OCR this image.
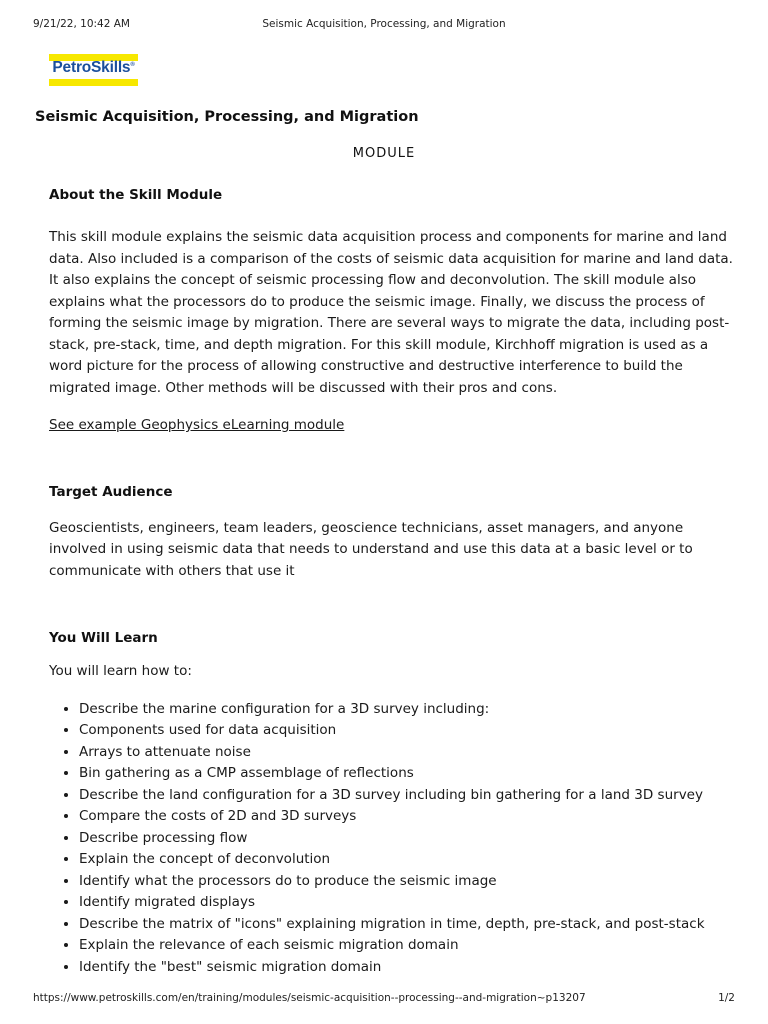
9/21/22, 10:42 AM	Seismic Acquisition, Processing, and Migration
PetroSkills®
Seismic Acquisition, Processing, and Migration
MODULE
About the Skill Module

This skill module explains the seismic data acquisition process and components for marine and land data. Also included is a comparison of the costs of seismic data acquisition for marine and land data. It also explains the concept of seismic processing flow and deconvolution. The skill module also explains what the processors do to produce the seismic image. Finally, we discuss the process of forming the seismic image by migration. There are several ways to migrate the data, including post-stack, pre-stack, time, and depth migration. For this skill module, Kirchhoff migration is used as a word picture for the process of allowing constructive and destructive interference to build the migrated image. Other methods will be discussed with their pros and cons.

See example Geophysics eLearning module

Target Audience

Geoscientists, engineers, team leaders, geoscience technicians, asset managers, and anyone involved in using seismic data that needs to understand and use this data at a basic level or to communicate with others that use it

You Will Learn

You will learn how to:

• Describe the marine configuration for a 3D survey including:
• Components used for data acquisition
• Arrays to attenuate noise
• Bin gathering as a CMP assemblage of reflections
• Describe the land configuration for a 3D survey including bin gathering for a land 3D survey
• Compare the costs of 2D and 3D surveys
• Describe processing flow
• Explain the concept of deconvolution
• Identify what the processors do to produce the seismic image
• Identify migrated displays
• Describe the matrix of "icons" explaining migration in time, depth, pre-stack, and post-stack
• Explain the relevance of each seismic migration domain
• Identify the "best" seismic migration domain
https://www.petroskills.com/en/training/modules/seismic-acquisition--processing--and-migration~p13207	1/2
